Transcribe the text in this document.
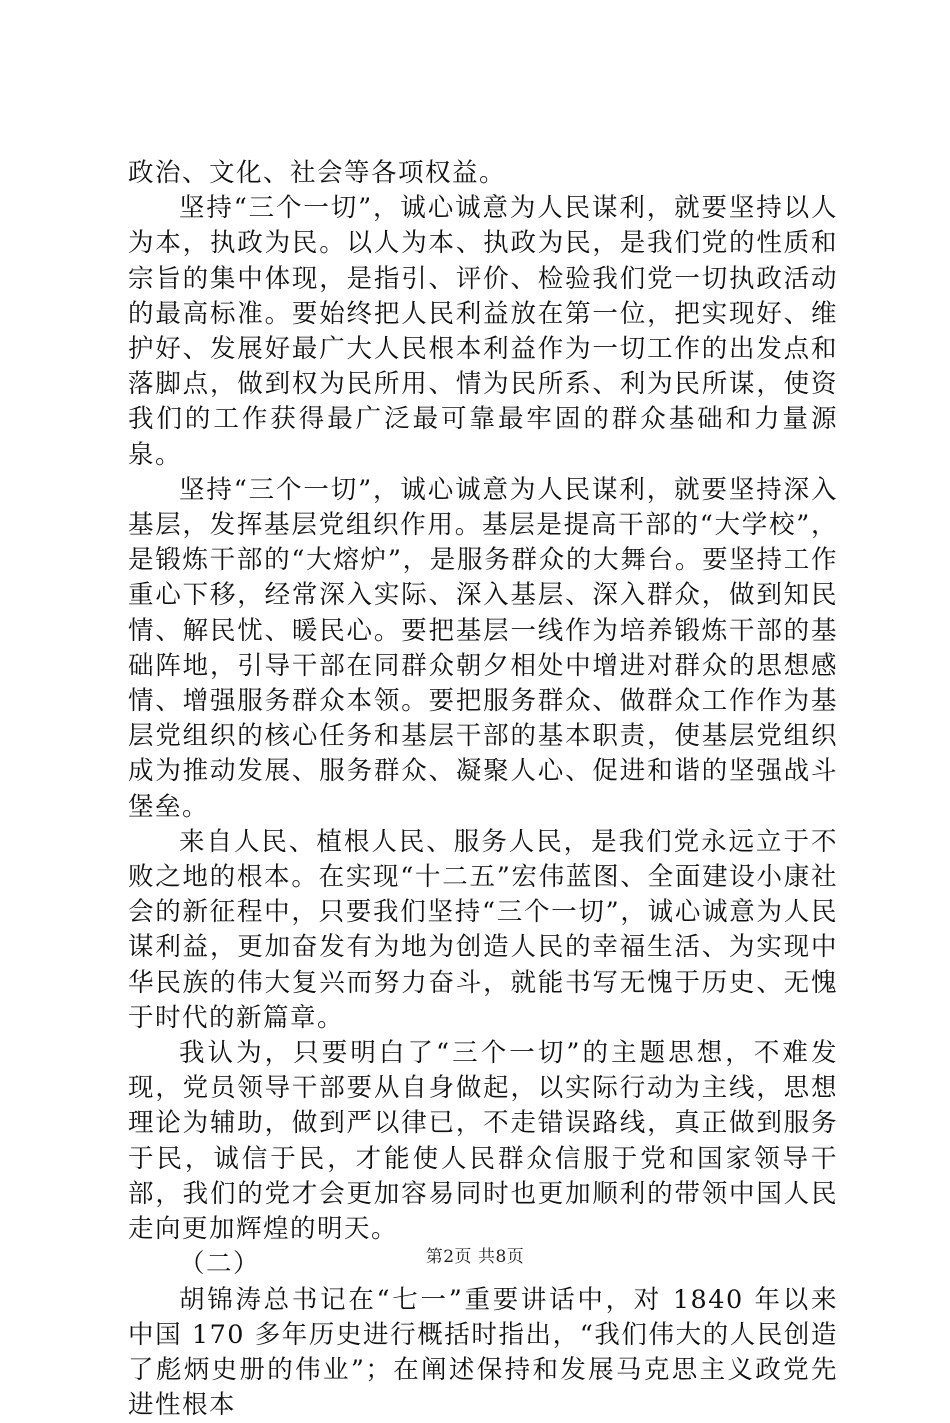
政治、文化、社会等各项权益。

坚持“三个一切”，诚心诚意为人民谋利，就要坚持以人为本，执政为民。以人为本、执政为民，是我们党的性质和宗旨的集中体现，是指引、评价、检验我们党一切执政活动的最高标准。要始终把人民利益放在第一位，把实现好、维护好、发展好最广大人民根本利益作为一切工作的出发点和落脚点，做到权为民所用、情为民所系、利为民所谋，使资我们的工作获得最广泛最可靠最牢固的群众基础和力量源泉。

坚持“三个一切”，诚心诚意为人民谋利，就要坚持深入基层，发挥基层党组织作用。基层是提高干部的“大学校”，是锻炼干部的“大熔炉”，是服务群众的大舞台。要坚持工作重心下移，经常深入实际、深入基层、深入群众，做到知民情、解民忧、暖民心。要把基层一线作为培养锻炼干部的基础阵地，引导干部在同群众朝夕相处中增进对群众的思想感情、增强服务群众本领。要把服务群众、做群众工作作为基层党组织的核心任务和基层干部的基本职责，使基层党组织成为推动发展、服务群众、凝聚人心、促进和谐的坚强战斗堡垒。

来自人民、植根人民、服务人民，是我们党永远立于不败之地的根本。在实现“十二五”宏伟蓝图、全面建设小康社会的新征程中，只要我们坚持“三个一切”，诚心诚意为人民谋利益，更加奋发有为地为创造人民的幸福生活、为实现中华民族的伟大复兴而努力奋斗，就能书写无愧于历史、无愧于时代的新篇章。

我认为，只要明白了“三个一切”的主题思想，不难发现，党员领导干部要从自身做起，以实际行动为主线，思想理论为辅助，做到严以律已，不走错误路线，真正做到服务于民，诚信于民，才能使人民群众信服于党和国家领导干部，我们的党才会更加容易同时也更加顺利的带领中国人民走向更加辉煌的明天。

（二）

胡锦涛总书记在“七一”重要讲话中，对 1840 年以来中国 170 多年历史进行概括时指出，“我们伟大的人民创造了彪炳史册的伟业”；在阐述保持和发展马克思主义政党先进性根本

第2页 共8页
